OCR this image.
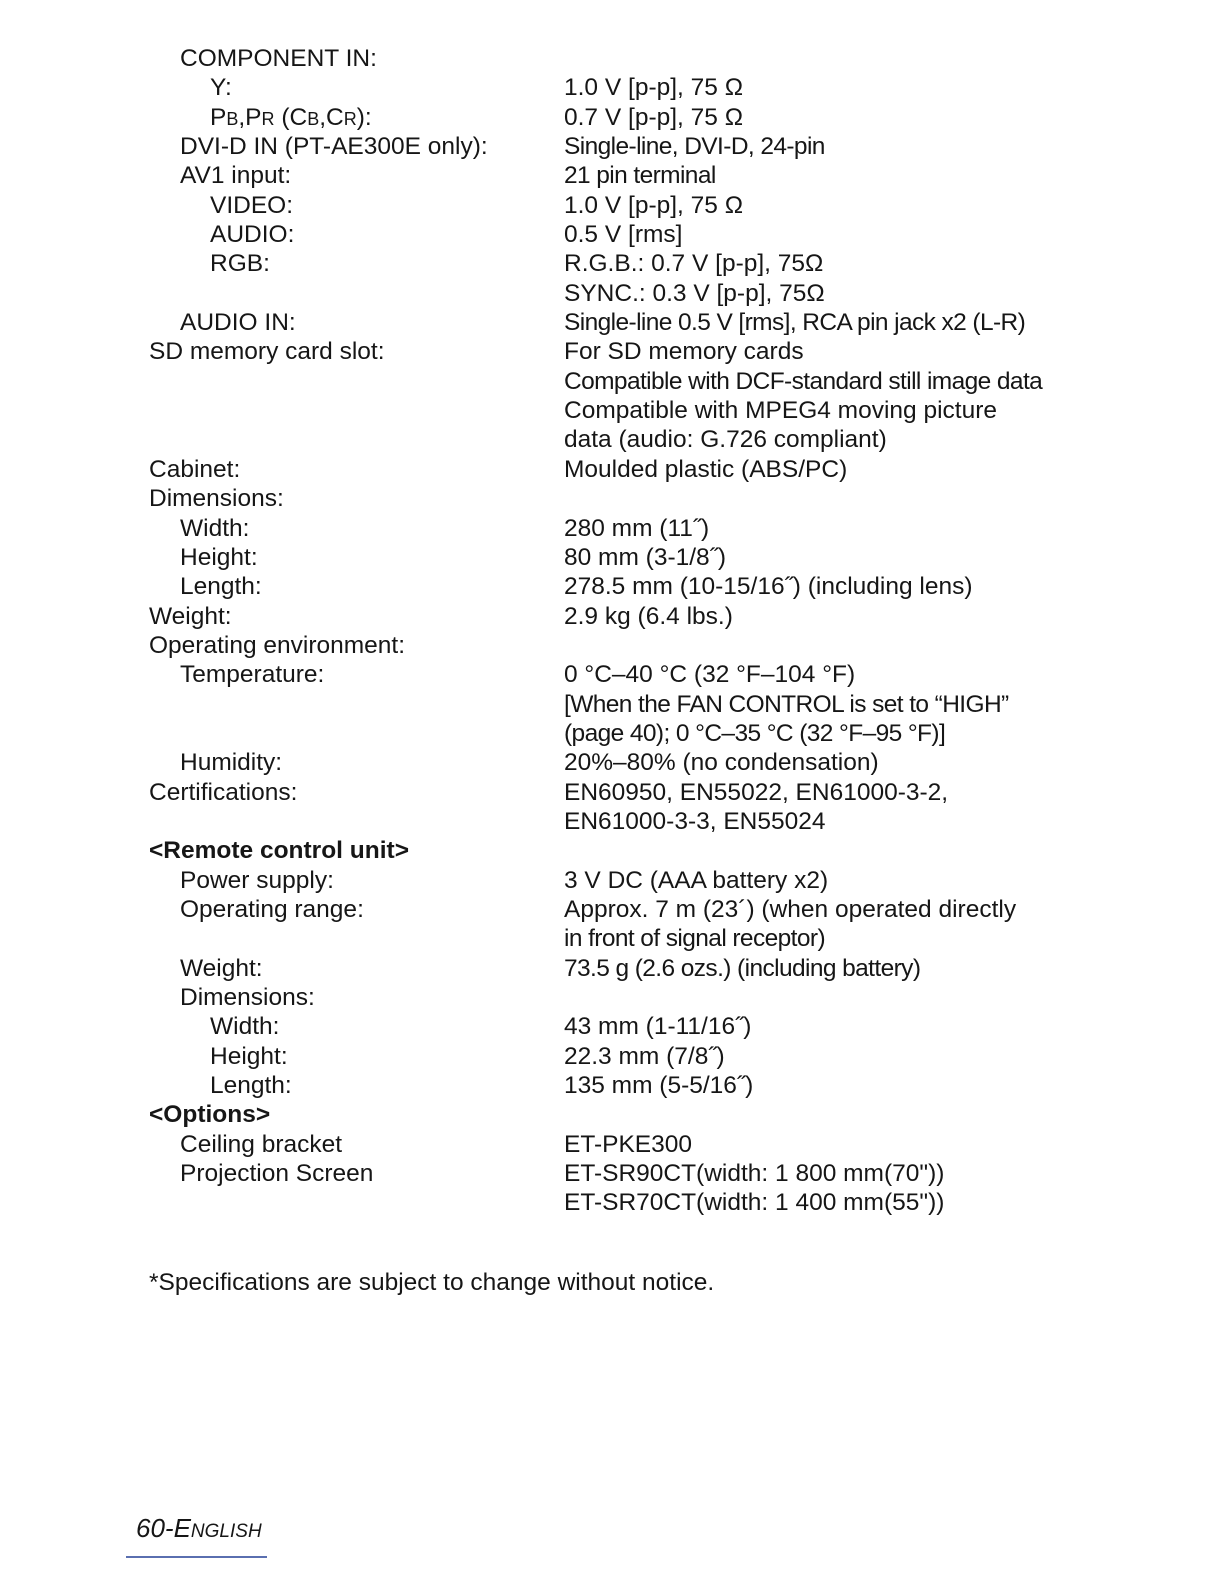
COMPONENT IN:
Y:	1.0 V [p-p], 75 Ω
PB,PR (CB,CR):	0.7 V [p-p], 75 Ω
DVI-D IN (PT-AE300E only):	Single-line, DVI-D, 24-pin
AV1 input:	21 pin terminal
VIDEO:	1.0 V [p-p], 75 Ω
AUDIO:	0.5 V [rms]
RGB:	R.G.B.: 0.7 V [p-p], 75Ω
SYNC.: 0.3 V [p-p], 75Ω
AUDIO IN:	Single-line 0.5 V [rms], RCA pin jack x2 (L-R)
SD memory card slot:	For SD memory cards
Compatible with DCF-standard still image data
Compatible with MPEG4 moving picture
data (audio: G.726 compliant)
Cabinet:	Moulded plastic (ABS/PC)
Dimensions:
Width:	280 mm (11˝)
Height:	80 mm (3-1/8˝)
Length:	278.5 mm (10-15/16˝) (including lens)
Weight:	2.9 kg (6.4 lbs.)
Operating environment:
Temperature:	0 °C–40 °C (32 °F–104 °F)
[When the FAN CONTROL is set to “HIGH”
(page 40); 0 °C–35 °C (32 °F–95 °F)]
Humidity:	20%–80% (no condensation)
Certifications:	EN60950, EN55022, EN61000-3-2,
EN61000-3-3, EN55024
<Remote control unit>
Power supply:	3 V DC (AAA battery x2)
Operating range:	Approx. 7 m (23´) (when operated directly
in front of signal receptor)
Weight:	73.5 g (2.6 ozs.) (including battery)
Dimensions:
Width:	43 mm (1-11/16˝)
Height:	22.3 mm (7/8˝)
Length:	135 mm (5-5/16˝)
<Options>
Ceiling bracket	ET-PKE300
Projection Screen	ET-SR90CT(width: 1 800 mm(70"))
ET-SR70CT(width: 1 400 mm(55"))
*Specifications are subject to change without notice.
60-ENGLISH
